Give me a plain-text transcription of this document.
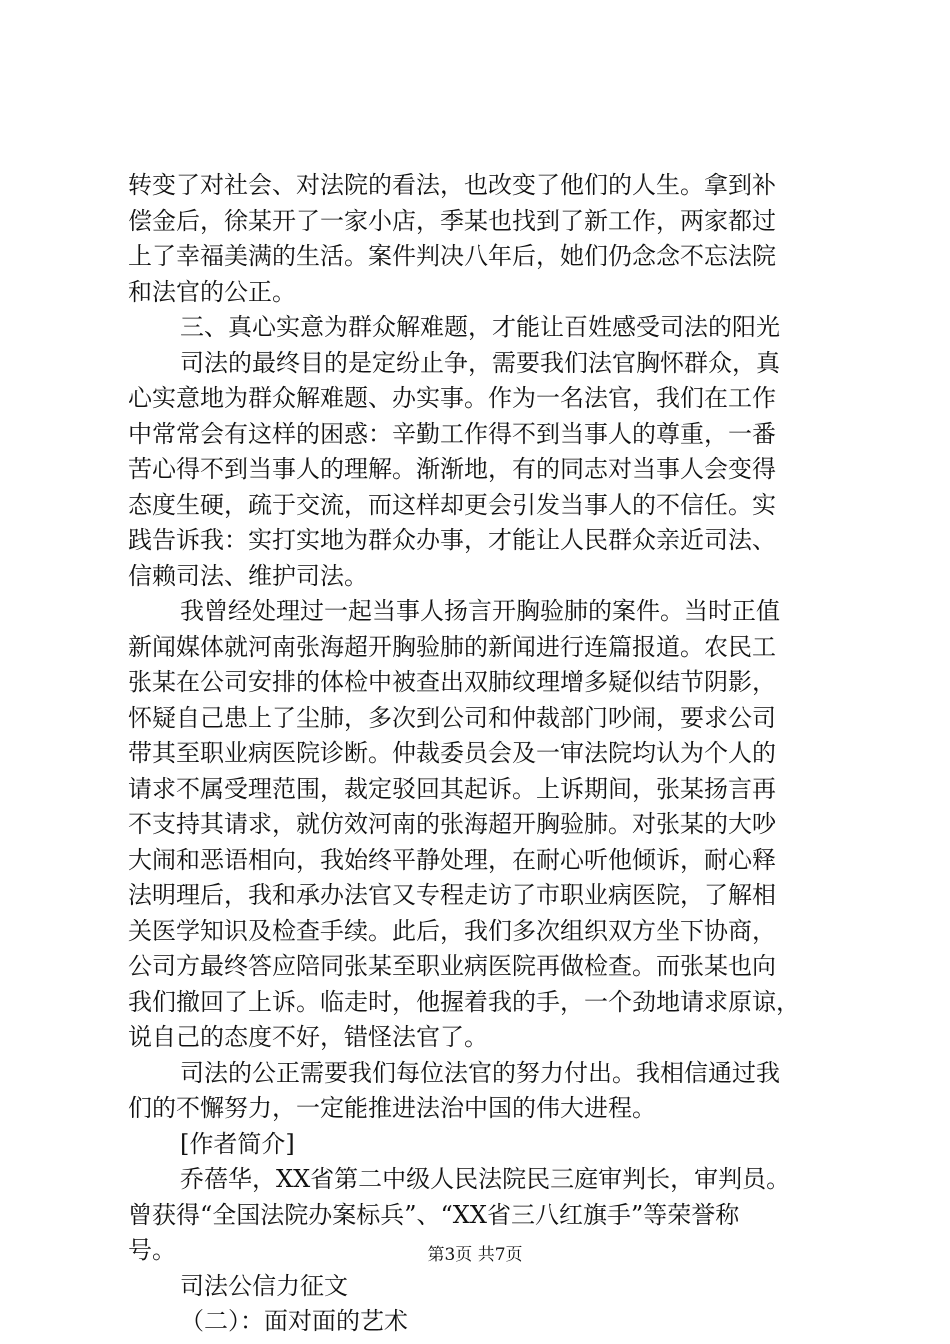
转变了对社会、对法院的看法，也改变了他们的人生。拿到补
偿金后，徐某开了一家小店，季某也找到了新工作，两家都过
上了幸福美满的生活。案件判决八年后，她们仍念念不忘法院
和法官的公正。
三、真心实意为群众解难题，才能让百姓感受司法的阳光
司法的最终目的是定纷止争，需要我们法官胸怀群众，真
心实意地为群众解难题、办实事。作为一名法官，我们在工作
中常常会有这样的困惑：辛勤工作得不到当事人的尊重，一番
苦心得不到当事人的理解。渐渐地，有的同志对当事人会变得
态度生硬，疏于交流，而这样却更会引发当事人的不信任。实
践告诉我：实打实地为群众办事，才能让人民群众亲近司法、
信赖司法、维护司法。
我曾经处理过一起当事人扬言开胸验肺的案件。当时正值
新闻媒体就河南张海超开胸验肺的新闻进行连篇报道。农民工
张某在公司安排的体检中被查出双肺纹理增多疑似结节阴影，
怀疑自己患上了尘肺，多次到公司和仲裁部门吵闹，要求公司
带其至职业病医院诊断。仲裁委员会及一审法院均认为个人的
请求不属受理范围，裁定驳回其起诉。上诉期间，张某扬言再
不支持其请求，就仿效河南的张海超开胸验肺。对张某的大吵
大闹和恶语相向，我始终平静处理，在耐心听他倾诉，耐心释
法明理后，我和承办法官又专程走访了市职业病医院，了解相
关医学知识及检查手续。此后，我们多次组织双方坐下协商，
公司方最终答应陪同张某至职业病医院再做检查。而张某也向
我们撤回了上诉。临走时，他握着我的手，一个劲地请求原谅，
说自己的态度不好，错怪法官了。
司法的公正需要我们每位法官的努力付出。我相信通过我
们的不懈努力，一定能推进法治中国的伟大进程。
[作者简介]
乔蓓华，XX省第二中级人民法院民三庭审判长，审判员。
曾获得“全国法院办案标兵”、“XX省三八红旗手”等荣誉称
号。
司法公信力征文
（二）：面对面的艺术
第3页 共7页
